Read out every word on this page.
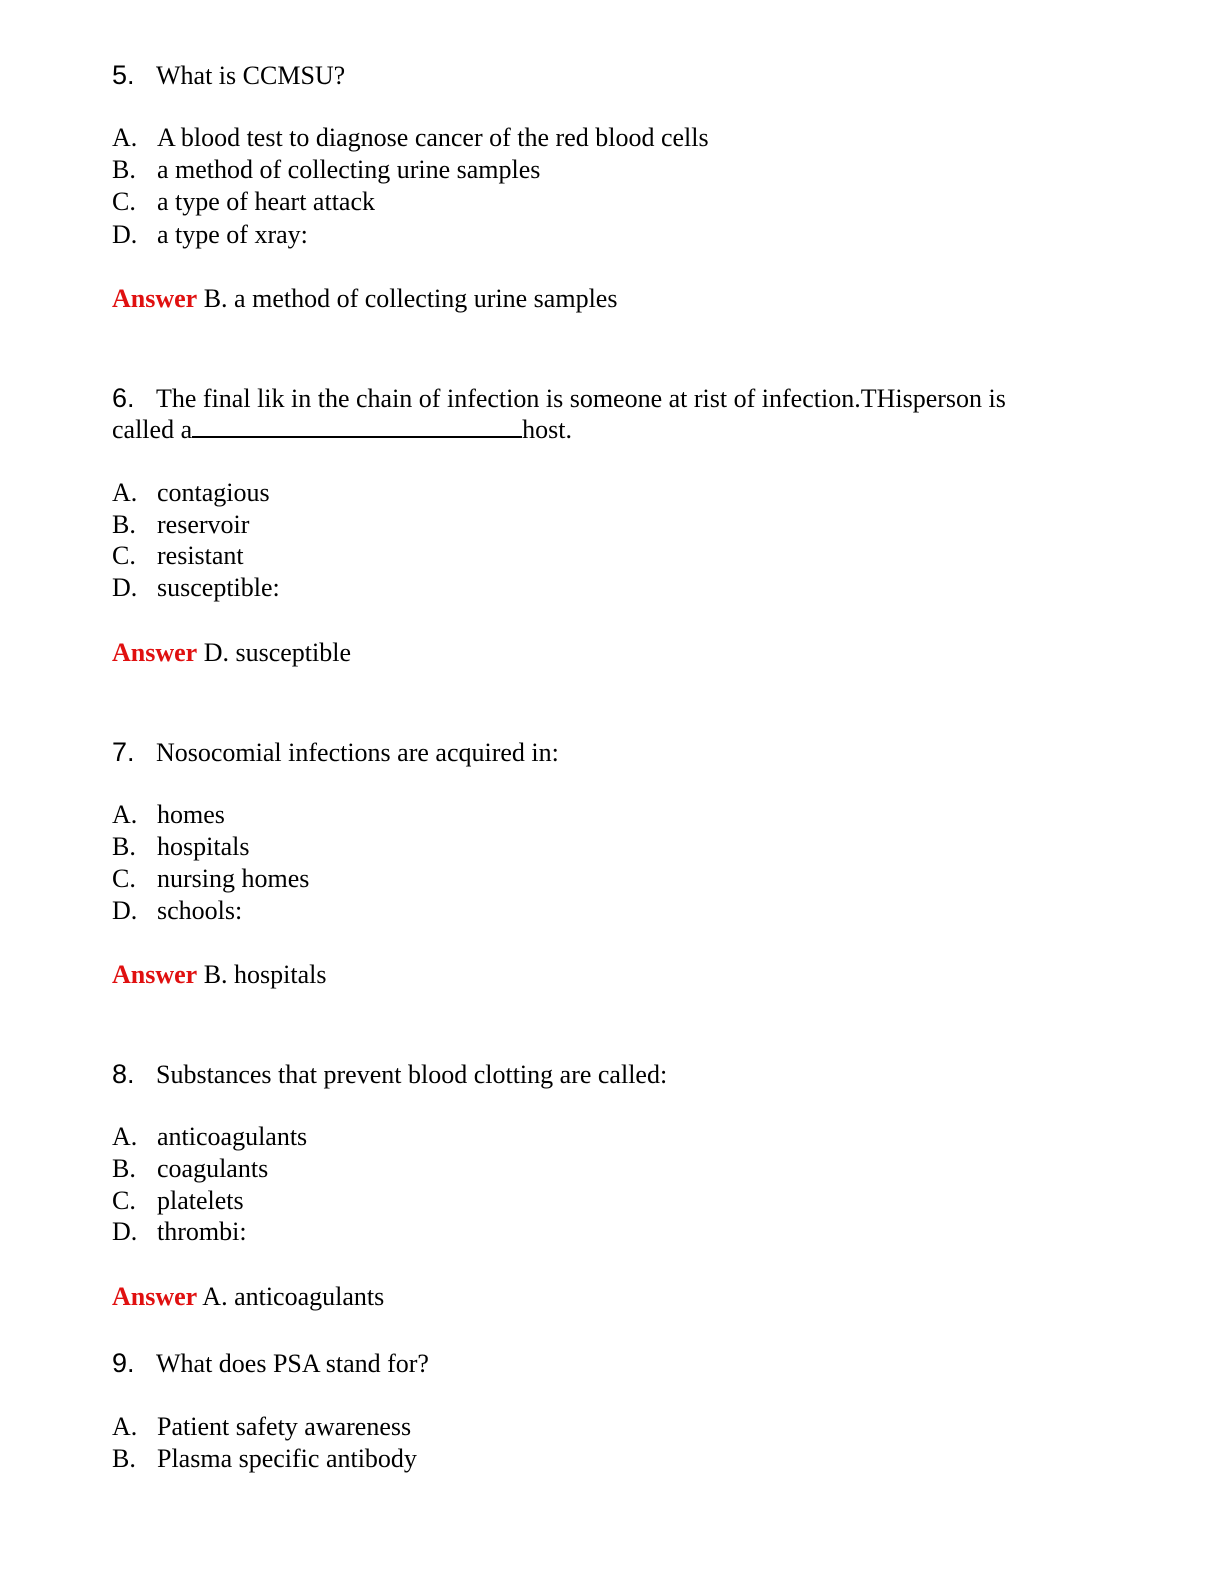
5. What is CCMSU?
A. A blood test to diagnose cancer of the red blood cells
B. a method of collecting urine samples
C. a type of heart attack
D. a type of xray:
Answer B. a method of collecting urine samples
6. The final lik in the chain of infection is someone at rist of infection.THisperson is
called a	host.
A. contagious
B. reservoir
C. resistant
D. susceptible:
Answer D. susceptible
7. Nosocomial infections are acquired in:
A. homes
B. hospitals
C. nursing homes
D. schools:
Answer B. hospitals
8. Substances that prevent blood clotting are called:
A. anticoagulants
B. coagulants
C. platelets
D. thrombi:
Answer A. anticoagulants
9. What does PSA stand for?
A. Patient safety awareness
B. Plasma specific antibody
